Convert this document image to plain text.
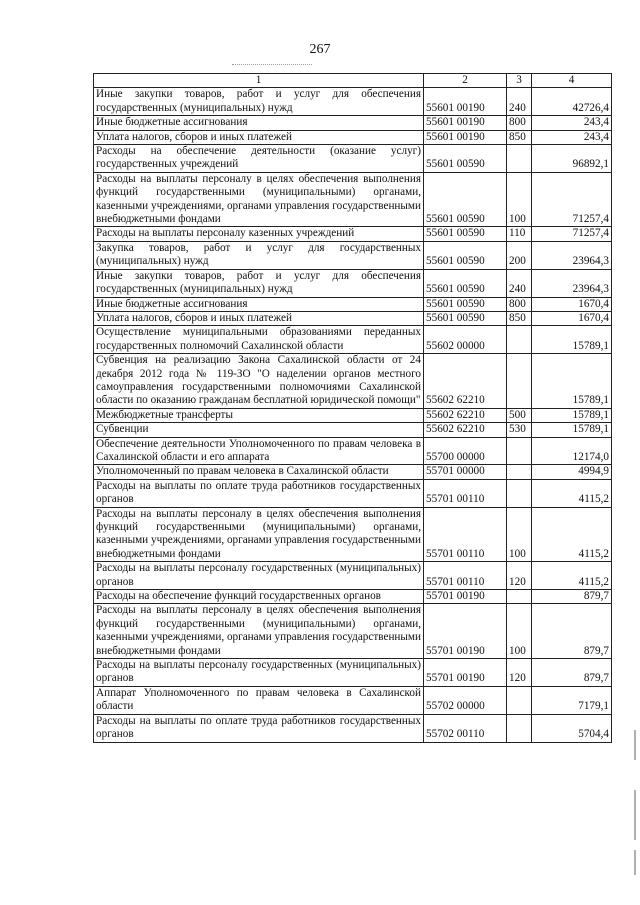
267
1	2	3	4
Иные закупки товаров, работ и услуг для обеспечения государственных (муниципальных) нужд	55601 00190	240	42726,4
Иные бюджетные ассигнования	55601 00190	800	243,4
Уплата налогов, сборов и иных платежей	55601 00190	850	243,4
Расходы на обеспечение деятельности (оказание услуг) государственных учреждений	55601 00590		96892,1
Расходы на выплаты персоналу в целях обеспечения выполнения функций государственными (муниципальными) органами, казенными учреждениями, органами управления государственными внебюджетными фондами	55601 00590	100	71257,4
Расходы на выплаты персоналу казенных учреждений	55601 00590	110	71257,4
Закупка товаров, работ и услуг для государственных (муниципальных) нужд	55601 00590	200	23964,3
Иные закупки товаров, работ и услуг для обеспечения государственных (муниципальных) нужд	55601 00590	240	23964,3
Иные бюджетные ассигнования	55601 00590	800	1670,4
Уплата налогов, сборов и иных платежей	55601 00590	850	1670,4
Осуществление муниципальными образованиями переданных государственных полномочий Сахалинской области	55602 00000		15789,1
Субвенция на реализацию Закона Сахалинской области от 24 декабря 2012 года № 119-ЗО "О наделении органов местного самоуправления государственными полномочиями Сахалинской области по оказанию гражданам бесплатной юридической помощи"	55602 62210		15789,1
Межбюджетные трансферты	55602 62210	500	15789,1
Субвенции	55602 62210	530	15789,1
Обеспечение деятельности Уполномоченного по правам человека в Сахалинской области и его аппарата	55700 00000		12174,0
Уполномоченный по правам человека в Сахалинской области	55701 00000		4994,9
Расходы на выплаты по оплате труда работников государственных органов	55701 00110		4115,2
Расходы на выплаты персоналу в целях обеспечения выполнения функций государственными (муниципальными) органами, казенными учреждениями, органами управления государственными внебюджетными фондами	55701 00110	100	4115,2
Расходы на выплаты персоналу государственных (муниципальных) органов	55701 00110	120	4115,2
Расходы на обеспечение функций государственных органов	55701 00190		879,7
Расходы на выплаты персоналу в целях обеспечения выполнения функций государственными (муниципальными) органами, казенными учреждениями, органами управления государственными внебюджетными фондами	55701 00190	100	879,7
Расходы на выплаты персоналу государственных (муниципальных) органов	55701 00190	120	879,7
Аппарат Уполномоченного по правам человека в Сахалинской области	55702 00000		7179,1
Расходы на выплаты по оплате труда работников государственных органов	55702 00110		5704,4
